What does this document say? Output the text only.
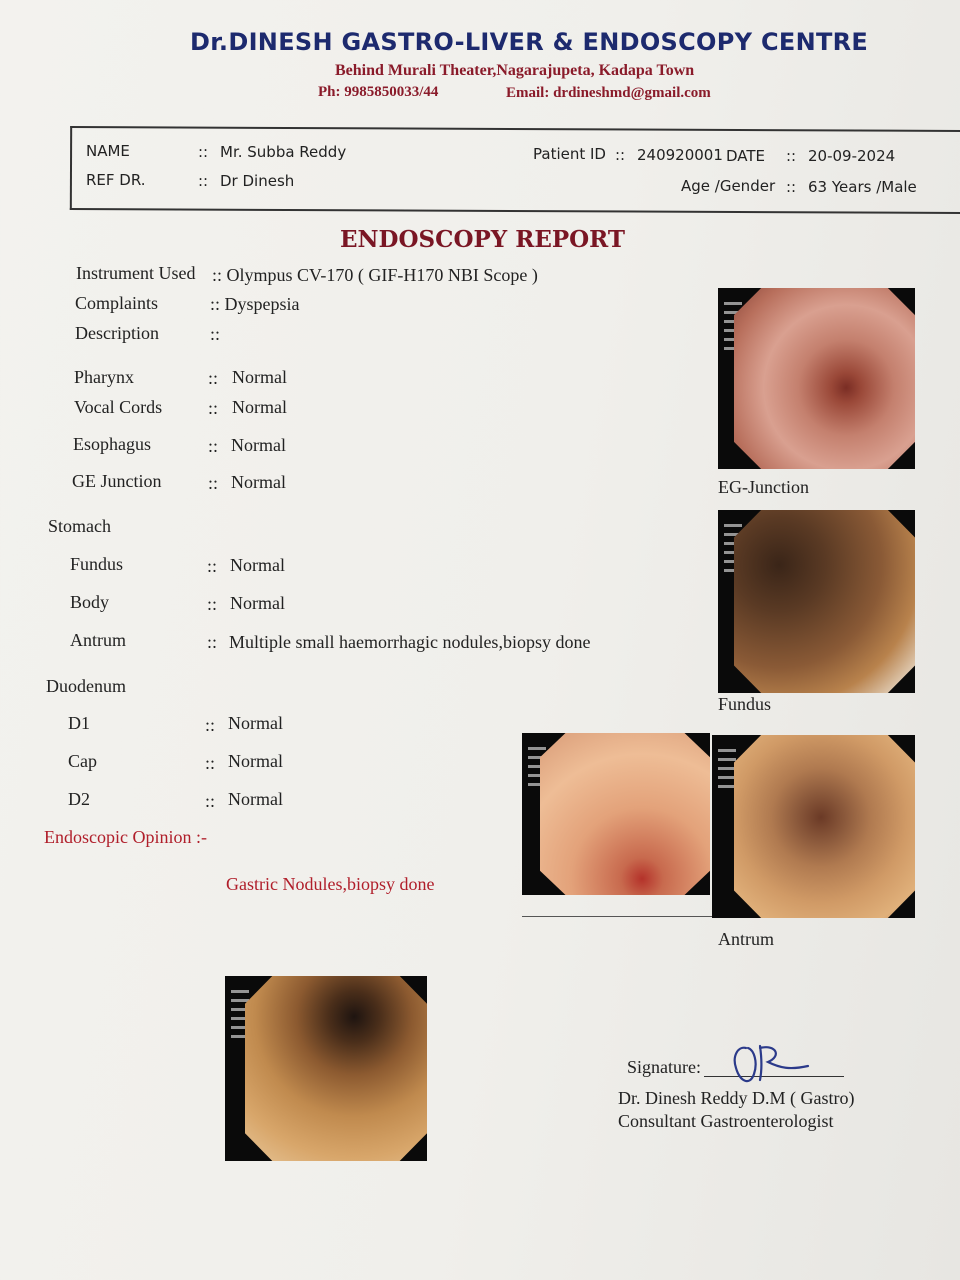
Dr.DINESH GASTRO-LIVER & ENDOSCOPY CENTRE
Behind Murali Theater,Nagarajupeta, Kadapa Town
Ph: 9985850033/44	Email: drdineshmd@gmail.com
NAME	:: Mr. Subba Reddy
REF DR.	:: Dr Dinesh
Patient ID :: 240920001 DATE :: 20-09-2024
Age /Gender :: 63 Years /Male
ENDOSCOPY REPORT
Instrument Used :: Olympus CV-170 ( GIF-H170 NBI Scope )
Complaints	:: Dyspepsia
Description	::
Pharynx	:: Normal
Vocal Cords	:: Normal
Esophagus	:: Normal
GE Junction	:: Normal
Stomach
Fundus	:: Normal
Body	:: Normal
Antrum	:: Multiple small haemorrhagic nodules,biopsy done
Duodenum
D1	:: Normal
Cap	:: Normal
D2	:: Normal
Endoscopic Opinion :-
Gastric Nodules,biopsy done
EG-Junction
Fundus
Antrum
Signature:
Dr. Dinesh Reddy D.M ( Gastro)
Consultant Gastroenterologist
